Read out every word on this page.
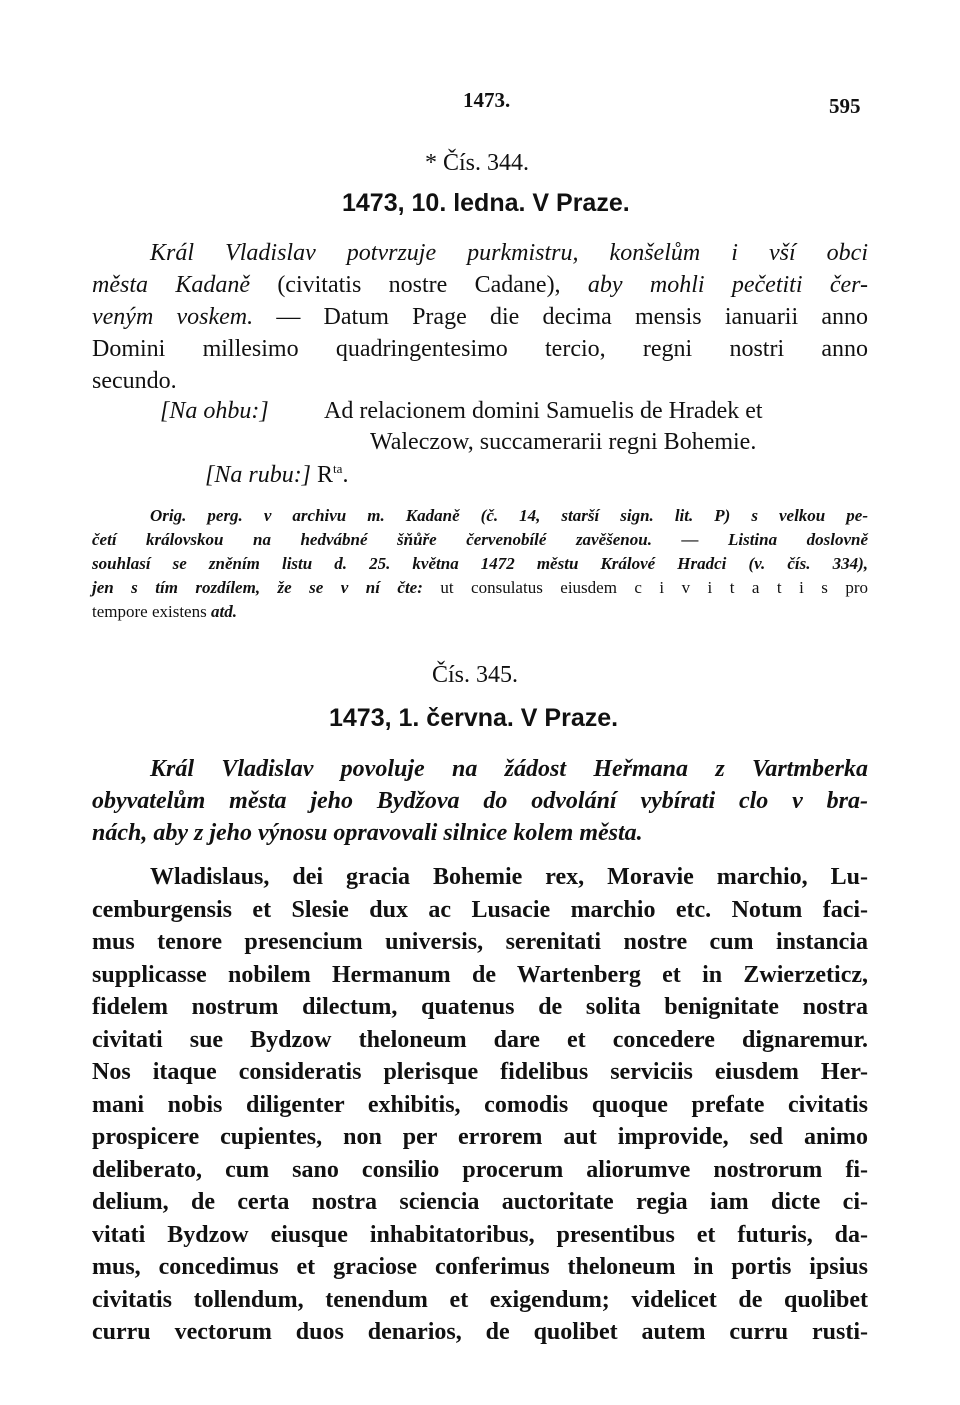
1473.	595
* Čís. 344.
1473, 10. ledna. V Praze.
Král Vladislav potvrzuje purkmistru, konšelům i vší obci
města Kadaně (civitatis nostre Cadane), aby mohli pečetiti čer-
veným voskem. — Datum Prage die decima mensis ianuarii anno
Domini millesimo quadringentesimo tercio, regni nostri anno
secundo.
[Na ohbu:] Ad relacionem domini Samuelis de Hradek et
Waleczow, succamerarii regni Bohemie.
[Na rubu:] $R^{ta}$.
Orig. perg. v archivu m. Kadaně (č. 14, starší sign. lit. P) s velkou pe-
četí královskou na hedvábné šňůře červenobílé zavěšenou. — Listina doslovně
souhlasí se zněním listu d. 25. května 1472 městu Králové Hradci (v. čís. 334),
jen s tím rozdílem, že se v ní čte: ut consulatus eiusdem c i v i t a t i s pro
tempore existens atd.
Čís. 345.
1473, 1. června. V Praze.
Král Vladislav povoluje na žádost Heřmana z Vartmberka
obyvatelům města jeho Bydžova do odvolání vybírati clo v bra-
nách, aby z jeho výnosu opravovali silnice kolem města.
Wladislaus, dei gracia Bohemie rex, Moravie marchio, Lu-
cemburgensis et Slesie dux ac Lusacie marchio etc. Notum faci-
mus tenore presencium universis, serenitati nostre cum instancia
supplicasse nobilem Hermanum de Wartenberg et in Zwierzeticz,
fidelem nostrum dilectum, quatenus de solita benignitate nostra
civitati sue Bydzow theloneum dare et concedere dignaremur.
Nos itaque consideratis plerisque fidelibus serviciis eiusdem Her-
mani nobis diligenter exhibitis, comodis quoque prefate civitatis
prospicere cupientes, non per errorem aut improvide, sed animo
deliberato, cum sano consilio procerum aliorumve nostrorum fi-
delium, de certa nostra sciencia auctoritate regia iam dicte ci-
vitati Bydzow eiusque inhabitatoribus, presentibus et futuris, da-
mus, concedimus et graciose conferimus theloneum in portis ipsius
civitatis tollendum, tenendum et exigendum; videlicet de quolibet
curru vectorum duos denarios, de quolibet autem curru rusti-
